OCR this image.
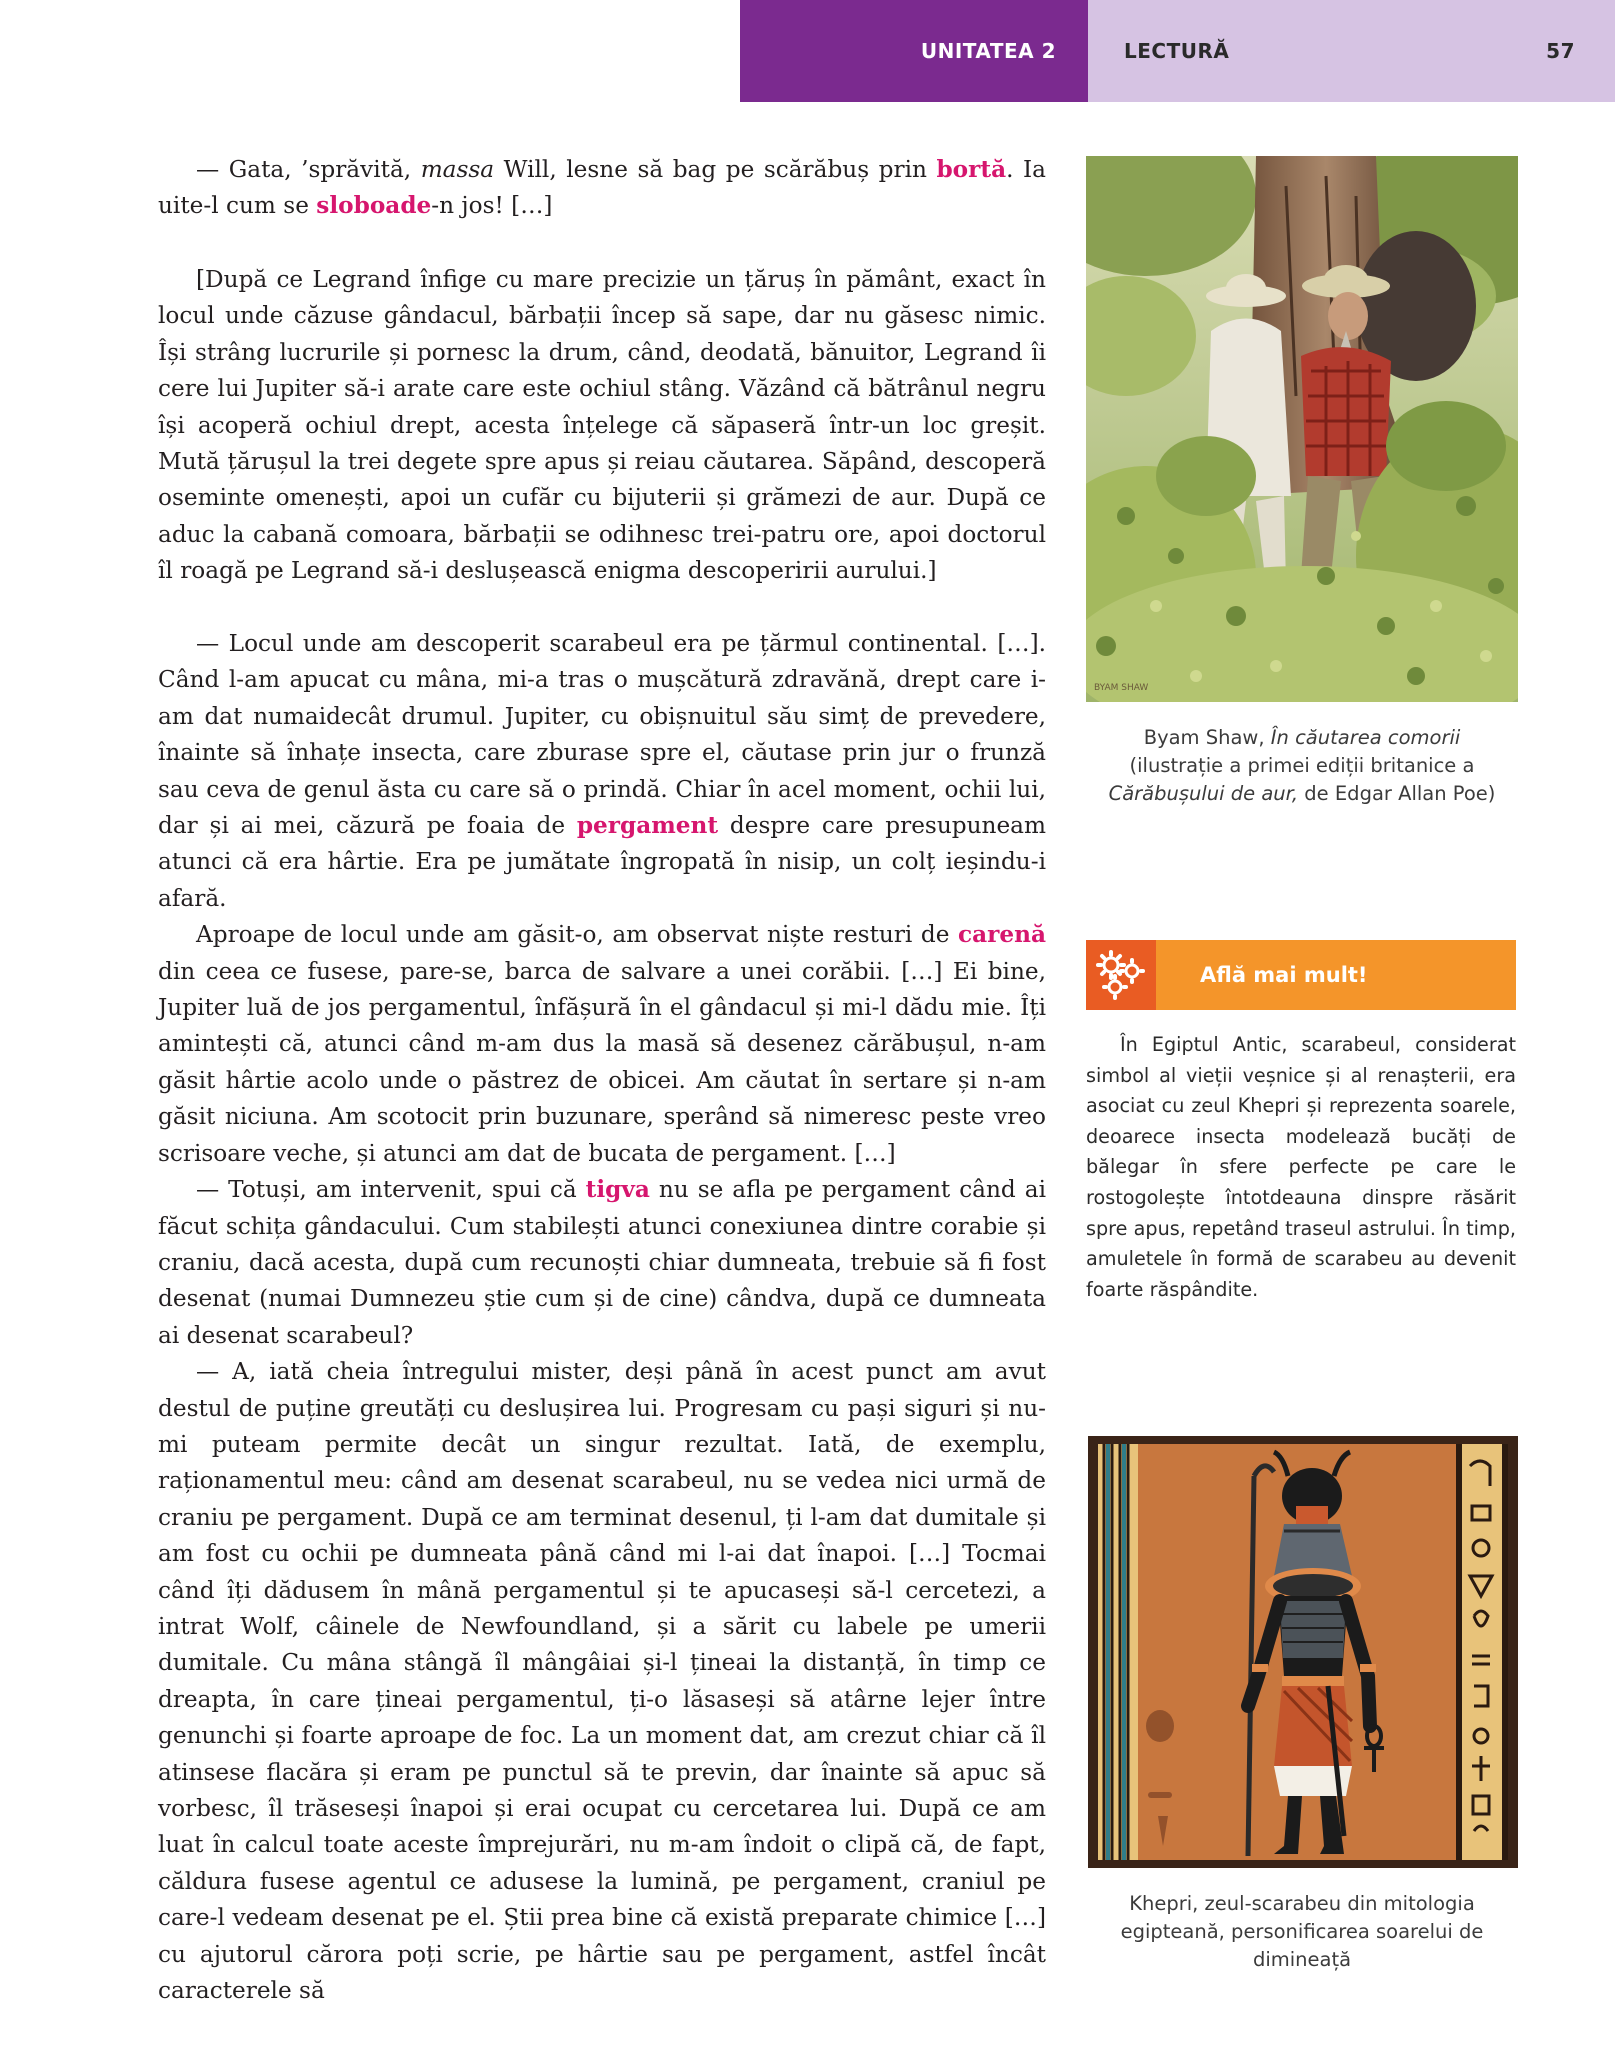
UNITATEA 2	LECTURĂ	57

— Gata, ’sprăvită, massa Will, lesne să bag pe scărăbuș prin bortă. Ia uite-l cum se sloboade-n jos! […]

[După ce Legrand înfige cu mare precizie un țăruș în pământ, exact în locul unde căzuse gândacul, bărbații încep să sape, dar nu găsesc nimic. Își strâng lucrurile și pornesc la drum, când, deodată, bănuitor, Legrand îi cere lui Jupiter să-i arate care este ochiul stâng. Văzând că bătrânul negru își acoperă ochiul drept, acesta înțelege că săpaseră într-un loc greșit. Mută țărușul la trei degete spre apus și reiau căutarea. Săpând, descoperă oseminte omenești, apoi un cufăr cu bijuterii și grămezi de aur. După ce aduc la cabană comoara, bărbații se odihnesc trei-patru ore, apoi doctorul îl roagă pe Legrand să-i deslușească enigma descoperirii aurului.]

— Locul unde am descoperit scarabeul era pe țărmul continental. […]. Când l-am apucat cu mâna, mi-a tras o mușcătură zdravănă, drept care i-am dat numaidecât drumul. Jupiter, cu obișnuitul său simț de prevedere, înainte să înhațe insecta, care zburase spre el, căutase prin jur o frunză sau ceva de genul ăsta cu care să o prindă. Chiar în acel moment, ochii lui, dar și ai mei, căzură pe foaia de pergament despre care presupuneam atunci că era hârtie. Era pe jumătate îngropată în nisip, un colț ieșindu-i afară.

Aproape de locul unde am găsit-o, am observat niște resturi de carenă din ceea ce fusese, pare-se, barca de salvare a unei corăbii. […] Ei bine, Jupiter luă de jos pergamentul, înfășură în el gândacul și mi-l dădu mie. Îți amintești că, atunci când m-am dus la masă să desenez cărăbușul, n-am găsit hârtie acolo unde o păstrez de obicei. Am căutat în sertare și n-am găsit niciuna. Am scotocit prin buzunare, sperând să nimeresc peste vreo scrisoare veche, și atunci am dat de bucata de pergament. […]

— Totuși, am intervenit, spui că tigva nu se afla pe pergament când ai făcut schița gândacului. Cum stabilești atunci conexiunea dintre corabie și craniu, dacă acesta, după cum recunoști chiar dumneata, trebuie să fi fost desenat (numai Dumnezeu știe cum și de cine) cândva, după ce dumneata ai desenat scarabeul?

— A, iată cheia întregului mister, deși până în acest punct am avut destul de puține greutăți cu deslușirea lui. Progresam cu pași siguri și nu-mi puteam permite decât un singur rezultat. Iată, de exemplu, raționamentul meu: când am desenat scarabeul, nu se vedea nici urmă de craniu pe pergament. După ce am terminat desenul, ți l-am dat dumitale și am fost cu ochii pe dumneata până când mi l-ai dat înapoi. […] Tocmai când îți dădusem în mână pergamentul și te apucaseși să-l cercetezi, a intrat Wolf, câinele de Newfoundland, și a sărit cu labele pe umerii dumitale. Cu mâna stângă îl mângâiai și-l țineai la distanță, în timp ce dreapta, în care țineai pergamentul, ți-o lăsaseși să atârne lejer între genunchi și foarte aproape de foc. La un moment dat, am crezut chiar că îl atinsese flacăra și eram pe punctul să te previn, dar înainte să apuc să vorbesc, îl trăseseși înapoi și erai ocupat cu cercetarea lui. După ce am luat în calcul toate aceste împrejurări, nu m-am îndoit o clipă că, de fapt, căldura fusese agentul ce adusese la lumină, pe pergament, craniul pe care-l vedeam desenat pe el. Știi prea bine că există preparate chimice […] cu ajutorul cărora poți scrie, pe hârtie sau pe pergament, astfel încât caracterele să

BYAM SHAW
Byam Shaw, În căutarea comorii
(ilustrație a primei ediții britanice a
Cărăbușului de aur, de Edgar Allan Poe)
Află mai mult!
În Egiptul Antic, scarabeul, considerat simbol al vieții veșnice și al renașterii, era asociat cu zeul Khepri și reprezenta soarele, deoarece insecta modelează bucăți de bălegar în sfere perfecte pe care le rostogolește întotdeauna dinspre răsărit spre apus, repetând traseul astrului. În timp, amuletele în formă de scarabeu au devenit foarte răspândite.
Khepri, zeul-scarabeu din mitologia egipteană, personificarea soarelui de dimineață
